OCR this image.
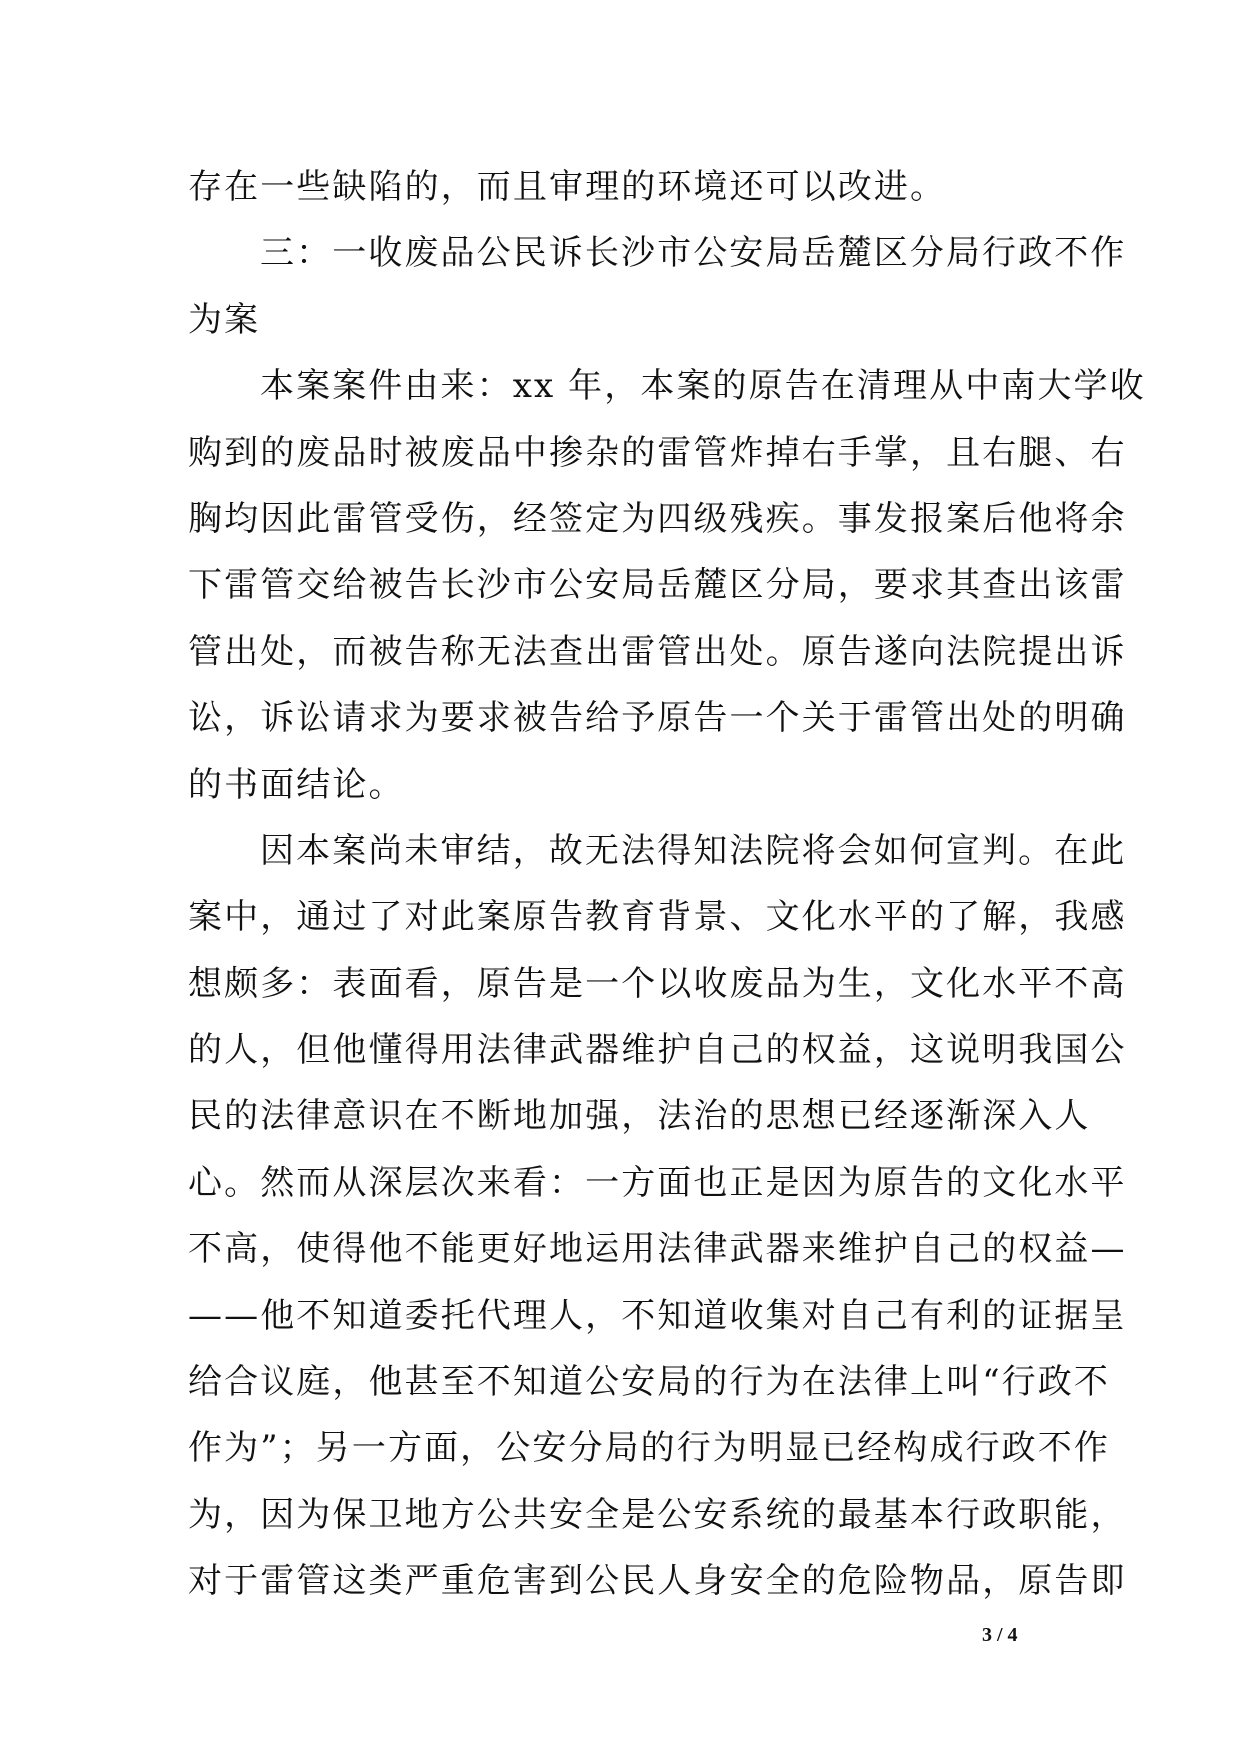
存在一些缺陷的，而且审理的环境还可以改进。
三：一收废品公民诉长沙市公安局岳麓区分局行政不作
为案
本案案件由来：xx 年，本案的原告在清理从中南大学收
购到的废品时被废品中掺杂的雷管炸掉右手掌，且右腿、右
胸均因此雷管受伤，经签定为四级残疾。事发报案后他将余
下雷管交给被告长沙市公安局岳麓区分局，要求其查出该雷
管出处，而被告称无法查出雷管出处。原告遂向法院提出诉
讼，诉讼请求为要求被告给予原告一个关于雷管出处的明确
的书面结论。
因本案尚未审结，故无法得知法院将会如何宣判。在此
案中，通过了对此案原告教育背景、文化水平的了解，我感
想颇多：表面看，原告是一个以收废品为生，文化水平不高
的人，但他懂得用法律武器维护自己的权益，这说明我国公
民的法律意识在不断地加强，法治的思想已经逐渐深入人
心。然而从深层次来看：一方面也正是因为原告的文化水平
不高，使得他不能更好地运用法律武器来维护自己的权益—
——他不知道委托代理人，不知道收集对自己有利的证据呈
给合议庭，他甚至不知道公安局的行为在法律上叫“行政不
作为”；另一方面，公安分局的行为明显已经构成行政不作
为，因为保卫地方公共安全是公安系统的最基本行政职能，
对于雷管这类严重危害到公民人身安全的危险物品，原告即
3 / 4
